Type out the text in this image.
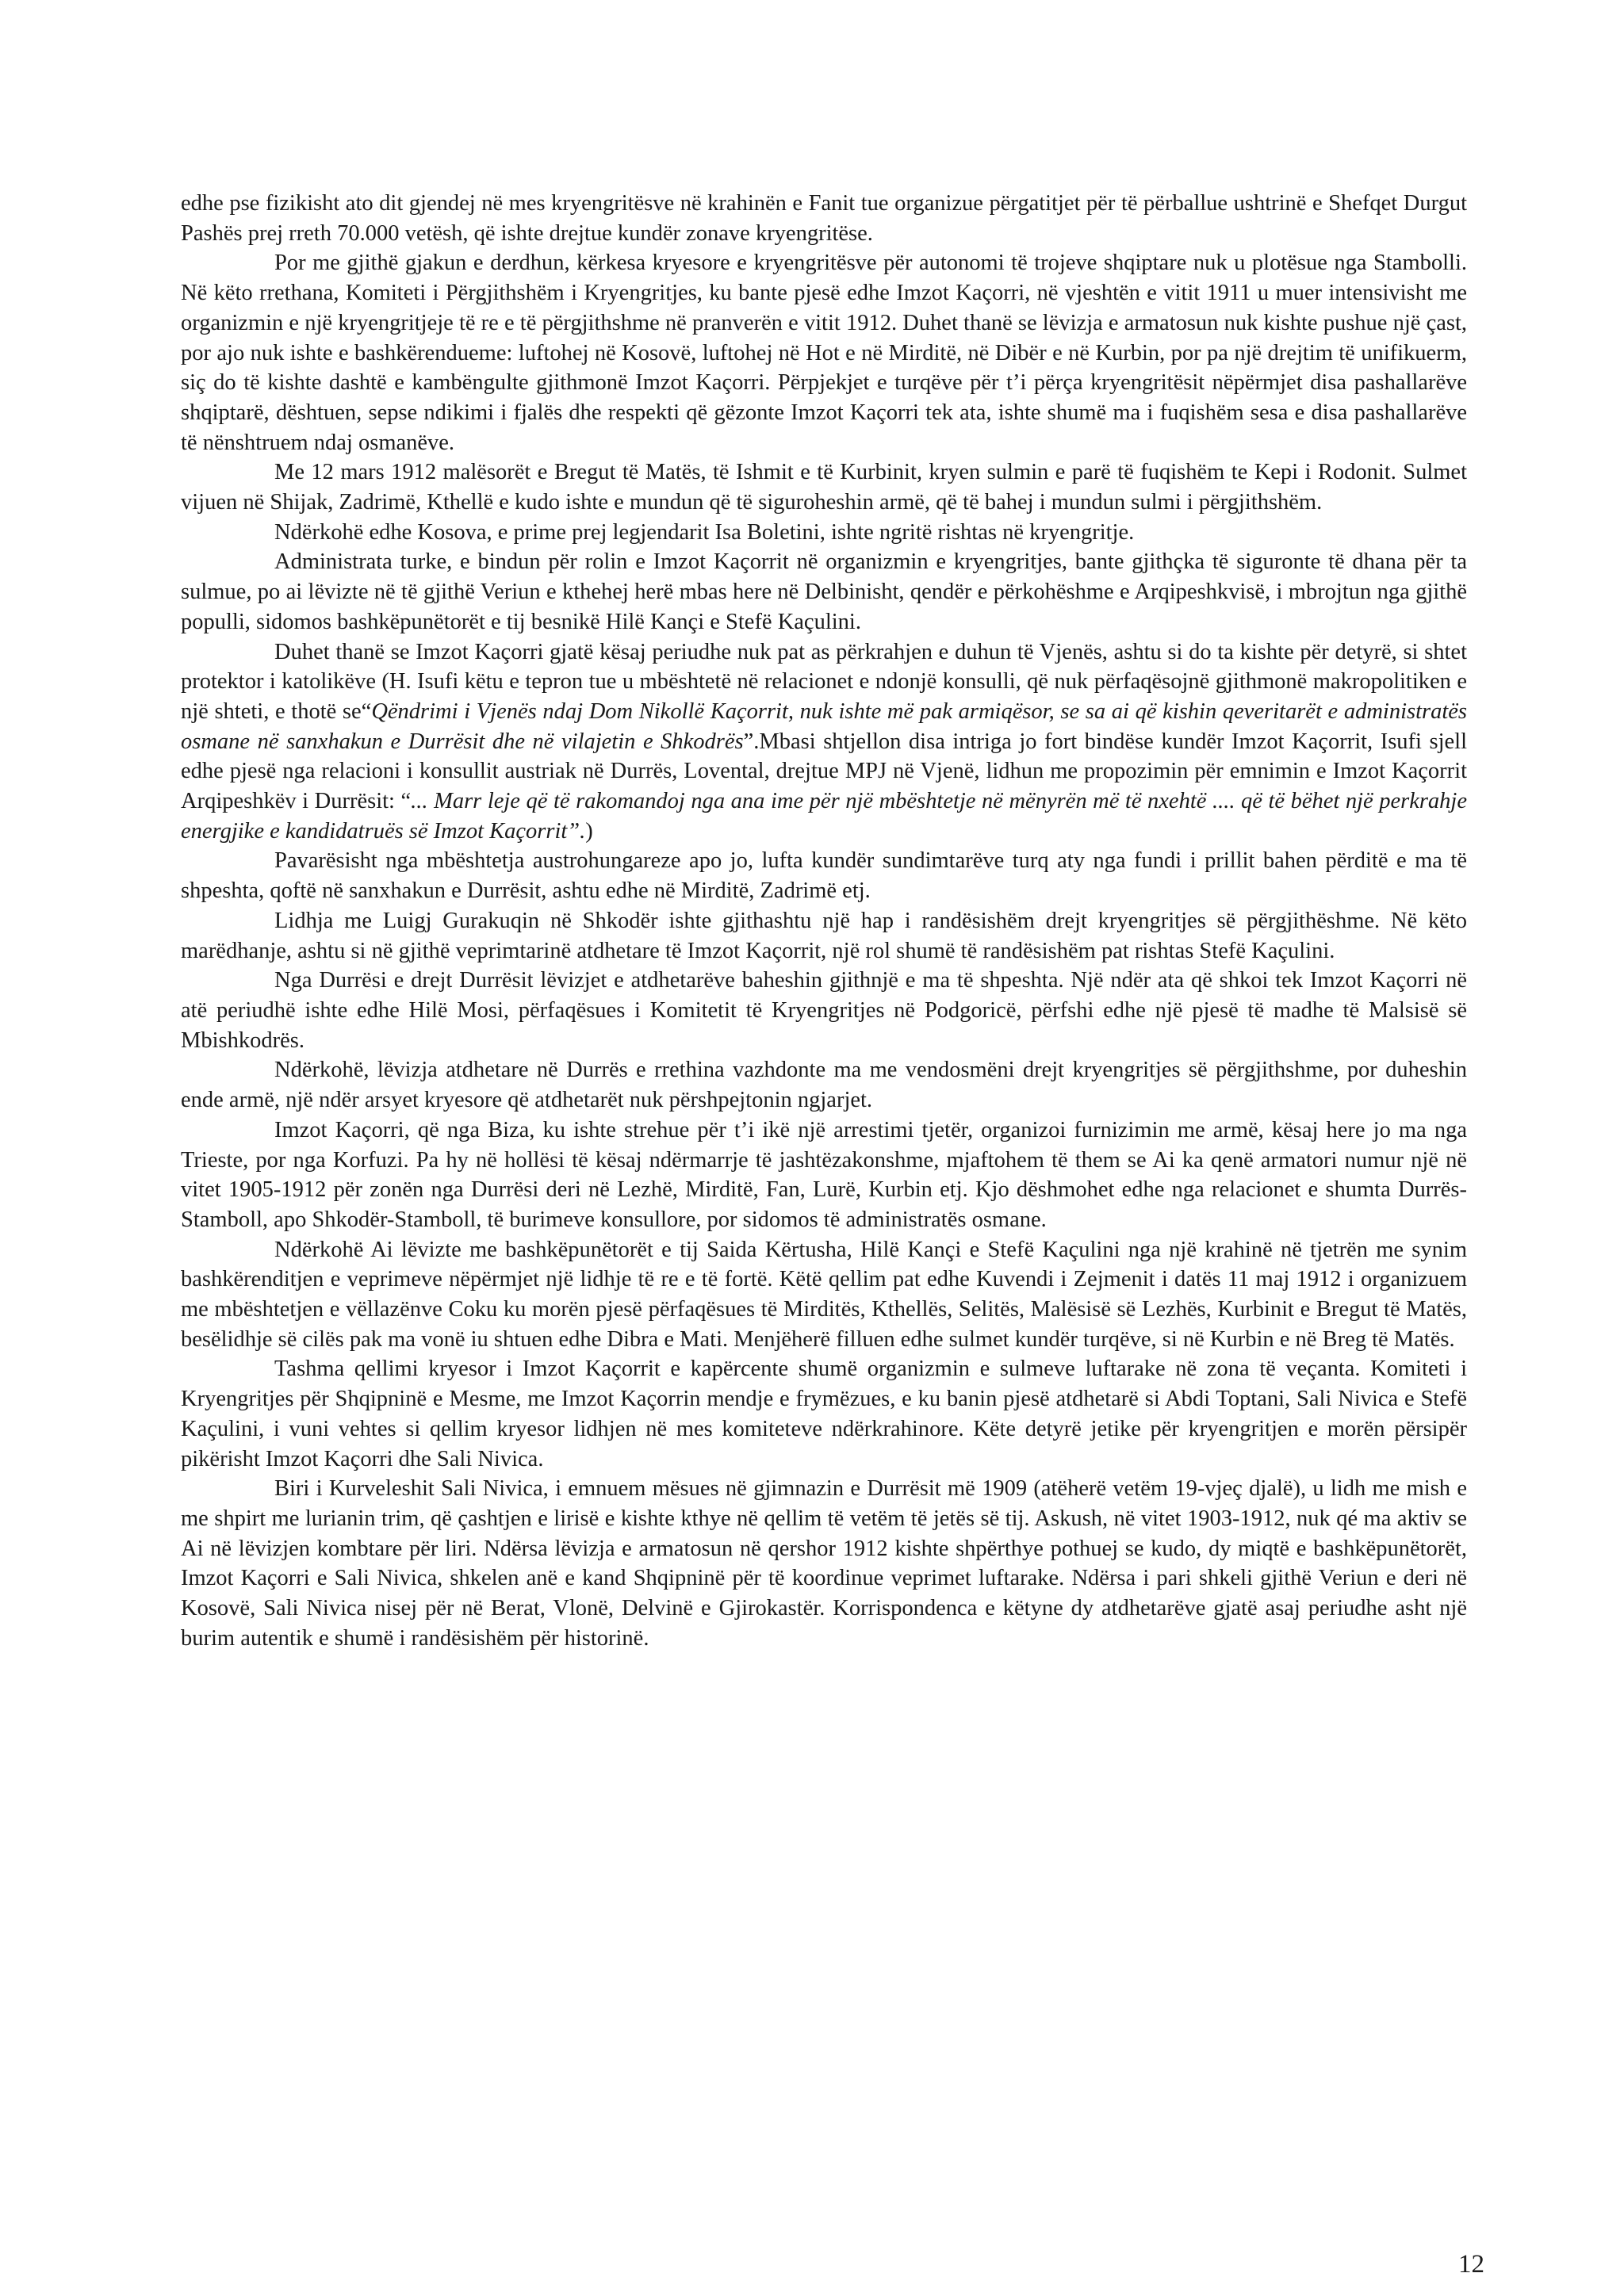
edhe pse fizikisht ato dit gjendej në mes kryengritësve në krahinën e Fanit tue organizue përgatitjet për të përballue ushtrinë e Shefqet Durgut Pashës prej rreth 70.000 vetësh, që ishte drejtue kundër zonave kryengritëse.

Por me gjithë gjakun e derdhun, kërkesa kryesore e kryengritësve për autonomi të trojeve shqiptare nuk u plotësue nga Stambolli. Në këto rrethana, Komiteti i Përgjithshëm i Kryengritjes, ku bante pjesë edhe Imzot Kaçorri, në vjeshtën e vitit 1911 u muer intensivisht me organizmin e një kryengritjeje të re e të përgjithshme në pranverën e vitit 1912. Duhet thanë se lëvizja e armatosun nuk kishte pushue një çast, por ajo nuk ishte e bashkërendueme: luftohej në Kosovë, luftohej në Hot e në Mirditë, në Dibër e në Kurbin, por pa një drejtim të unifikuerm, siç do të kishte dashtë e kambëngulte gjithmonë Imzot Kaçorri. Përpjekjet e turqëve për t’i përça kryengritësit nëpërmjet disa pashallarëve shqiptarë, dështuen, sepse ndikimi i fjalës dhe respekti që gëzonte Imzot Kaçorri tek ata, ishte shumë ma i fuqishëm sesa e disa pashallarëve të nënshtruem ndaj osmanëve.

Me 12 mars 1912 malësorët e Bregut të Matës, të Ishmit e të Kurbinit, kryen sulmin e parë të fuqishëm te Kepi i Rodonit. Sulmet vijuen në Shijak, Zadrimë, Kthellë e kudo ishte e mundun që të siguroheshin armë, që të bahej i mundun sulmi i përgjithshëm.

Ndërkohë edhe Kosova, e prime prej legjendarit Isa Boletini, ishte ngritë rishtas në kryengritje.

Administrata turke, e bindun për rolin e Imzot Kaçorrit në organizmin e kryengritjes, bante gjithçka të siguronte të dhana për ta sulmue, po ai lëvizte në të gjithë Veriun e kthehej herë mbas here në Delbinisht, qendër e përkohëshme e Arqipeshkvisë, i mbrojtun nga gjithë populli, sidomos bashkëpunëtorët e tij besnikë Hilë Kançi e Stefë Kaçulini.

Duhet thanë se Imzot Kaçorri gjatë kësaj periudhe nuk pat as përkrahjen e duhun të Vjenës, ashtu si do ta kishte për detyrë, si shtet protektor i katolikëve (H. Isufi këtu e tepron tue u mbështetë në relacionet e ndonjë konsulli, që nuk përfaqësojnë gjithmonë makropolitiken e një shteti, e thotë se“Qëndrimi i Vjenës ndaj Dom Nikollë Kaçorrit, nuk ishte më pak armiqësor, se sa ai që kishin qeveritarët e administratës osmane në sanxhakun e Durrësit dhe në vilajetin e Shkodrës”.Mbasi shtjellon disa intriga jo fort bindëse kundër Imzot Kaçorrit, Isufi sjell edhe pjesë nga relacioni i konsullit austriak në Durrës, Lovental, drejtue MPJ në Vjenë, lidhun me propozimin për emnimin e Imzot Kaçorrit Arqipeshkëv i Durrësit: “... Marr leje që të rakomandoj nga ana ime për një mbështetje në mënyrën më të nxehtë .... që të bëhet një perkrahje energjike e kandidatruës së Imzot Kaçorrit”.)

Pavarësisht nga mbështetja austrohungareze apo jo, lufta kundër sundimtarëve turq aty nga fundi i prillit bahen përditë e ma të shpeshta, qoftë në sanxhakun e Durrësit, ashtu edhe në Mirditë, Zadrimë etj.

Lidhja me Luigj Gurakuqin në Shkodër ishte gjithashtu një hap i randësishëm drejt kryengritjes së përgjithëshme. Në këto marëdhanje, ashtu si në gjithë veprimtarinë atdhetare të Imzot Kaçorrit, një rol shumë të randësishëm pat rishtas Stefë Kaçulini.

Nga Durrësi e drejt Durrësit lëvizjet e atdhetarëve baheshin gjithnjë e ma të shpeshta. Një ndër ata që shkoi tek Imzot Kaçorri në atë periudhë ishte edhe Hilë Mosi, përfaqësues i Komitetit të Kryengritjes në Podgoricë, përfshi edhe një pjesë të madhe të Malsisë së Mbishkodrës.

Ndërkohë, lëvizja atdhetare në Durrës e rrethina vazhdonte ma me vendosmëni drejt kryengritjes së përgjithshme, por duheshin ende armë, një ndër arsyet kryesore që atdhetarët nuk përshpejtonin ngjarjet.

Imzot Kaçorri, që nga Biza, ku ishte strehue për t’i ikë një arrestimi tjetër, organizoi furnizimin me armë, kësaj here jo ma nga Trieste, por nga Korfuzi. Pa hy në hollësi të kësaj ndërmarrje të jashtëzakonshme, mjaftohem të them se Ai ka qenë armatori numur një në vitet 1905-1912 për zonën nga Durrësi deri në Lezhë, Mirditë, Fan, Lurë, Kurbin etj. Kjo dëshmohet edhe nga relacionet e shumta Durrës-Stamboll, apo Shkodër-Stamboll, të burimeve konsullore, por sidomos të administratës osmane.

Ndërkohë Ai lëvizte me bashkëpunëtorët e tij Saida Kërtusha, Hilë Kançi e Stefë Kaçulini nga një krahinë në tjetrën me synim bashkërenditjen e veprimeve nëpërmjet një lidhje të re e të fortë. Këtë qellim pat edhe Kuvendi i Zejmenit i datës 11 maj 1912 i organizuem me mbështetjen e vëllazënve Coku ku morën pjesë përfaqësues të Mirditës, Kthellës, Selitës, Malësisë së Lezhës, Kurbinit e Bregut të Matës, besëlidhje së cilës pak ma vonë iu shtuen edhe Dibra e Mati. Menjëherë filluen edhe sulmet kundër turqëve, si në Kurbin e në Breg të Matës.

Tashma qellimi kryesor i Imzot Kaçorrit e kapërcente shumë organizmin e sulmeve luftarake në zona të veçanta. Komiteti i Kryengritjes për Shqipninë e Mesme, me Imzot Kaçorrin mendje e frymëzues, e ku banin pjesë atdhetarë si Abdi Toptani, Sali Nivica e Stefë Kaçulini, i vuni vehtes si qellim kryesor lidhjen në mes komiteteve ndërkrahinore. Këte detyrë jetike për kryengritjen e morën përsipër pikërisht Imzot Kaçorri dhe Sali Nivica.

Biri i Kurveleshit Sali Nivica, i emnuem mësues në gjimnazin e Durrësit më 1909 (atëherë vetëm 19-vjeç djalë), u lidh me mish e me shpirt me lurianin trim, që çashtjen e lirisë e kishte kthye në qellim të vetëm të jetës së tij. Askush, në vitet 1903-1912, nuk qé ma aktiv se Ai në lëvizjen kombtare për liri. Ndërsa lëvizja e armatosun në qershor 1912 kishte shpërthye pothuej se kudo, dy miqtë e bashkëpunëtorët, Imzot Kaçorri e Sali Nivica, shkelen anë e kand Shqipninë për të koordinue veprimet luftarake. Ndërsa i pari shkeli gjithë Veriun e deri në Kosovë, Sali Nivica nisej për në Berat, Vlonë, Delvinë e Gjirokastër. Korrispondenca e këtyne dy atdhetarëve gjatë asaj periudhe asht një burim autentik e shumë i randësishëm për historinë.

12
